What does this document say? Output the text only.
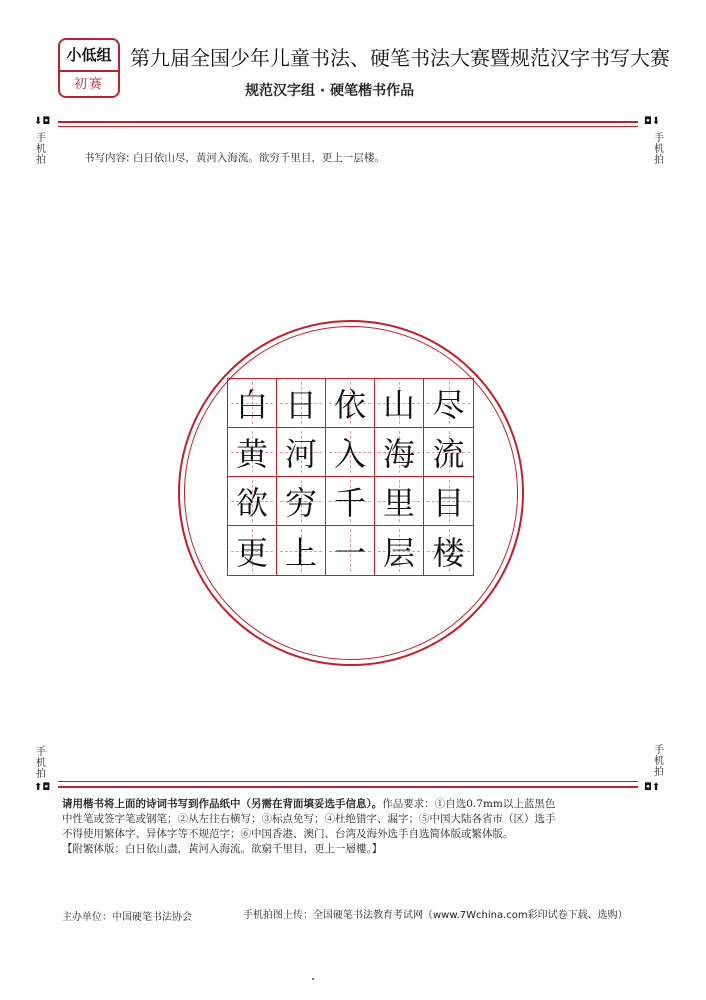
小低组
初赛
第九届全国少年儿童书法、硬笔书法大赛暨规范汉字书写大赛
规范汉字组 · 硬笔楷书作品
⬇◘	◘⬇
手
机
拍
手
机
拍
书写内容: 白日依山尽，黄河入海流。欲穷千里目，更上一层楼。
白 日 依 山 尽
黄 河 入 海 流
欲 穷 千 里 目
更 上 一 层 楼
手
机
拍
手
机
拍
⬆◘	◘⬆

请用楷书将上面的诗词书写到作品纸中（另需在背面填妥选手信息）。作品要求：①自选0.7mm以上蓝黑色

中性笔或签字笔或钢笔；②从左往右横写；③标点免写；④杜绝错字、漏字；⑤中国大陆各省市（区）选手

不得使用繁体字、异体字等不规范字；⑥中国香港、澳门、台湾及海外选手自选简体版或繁体版。

【附繁体版：白日依山盡，黃河入海流。欲窮千里目，更上一層樓。】

主办单位：中国硬笔书法协会	手机拍图上传：全国硬笔书法教育考试网（www.7Wchina.com彩印试卷下载、选购）
